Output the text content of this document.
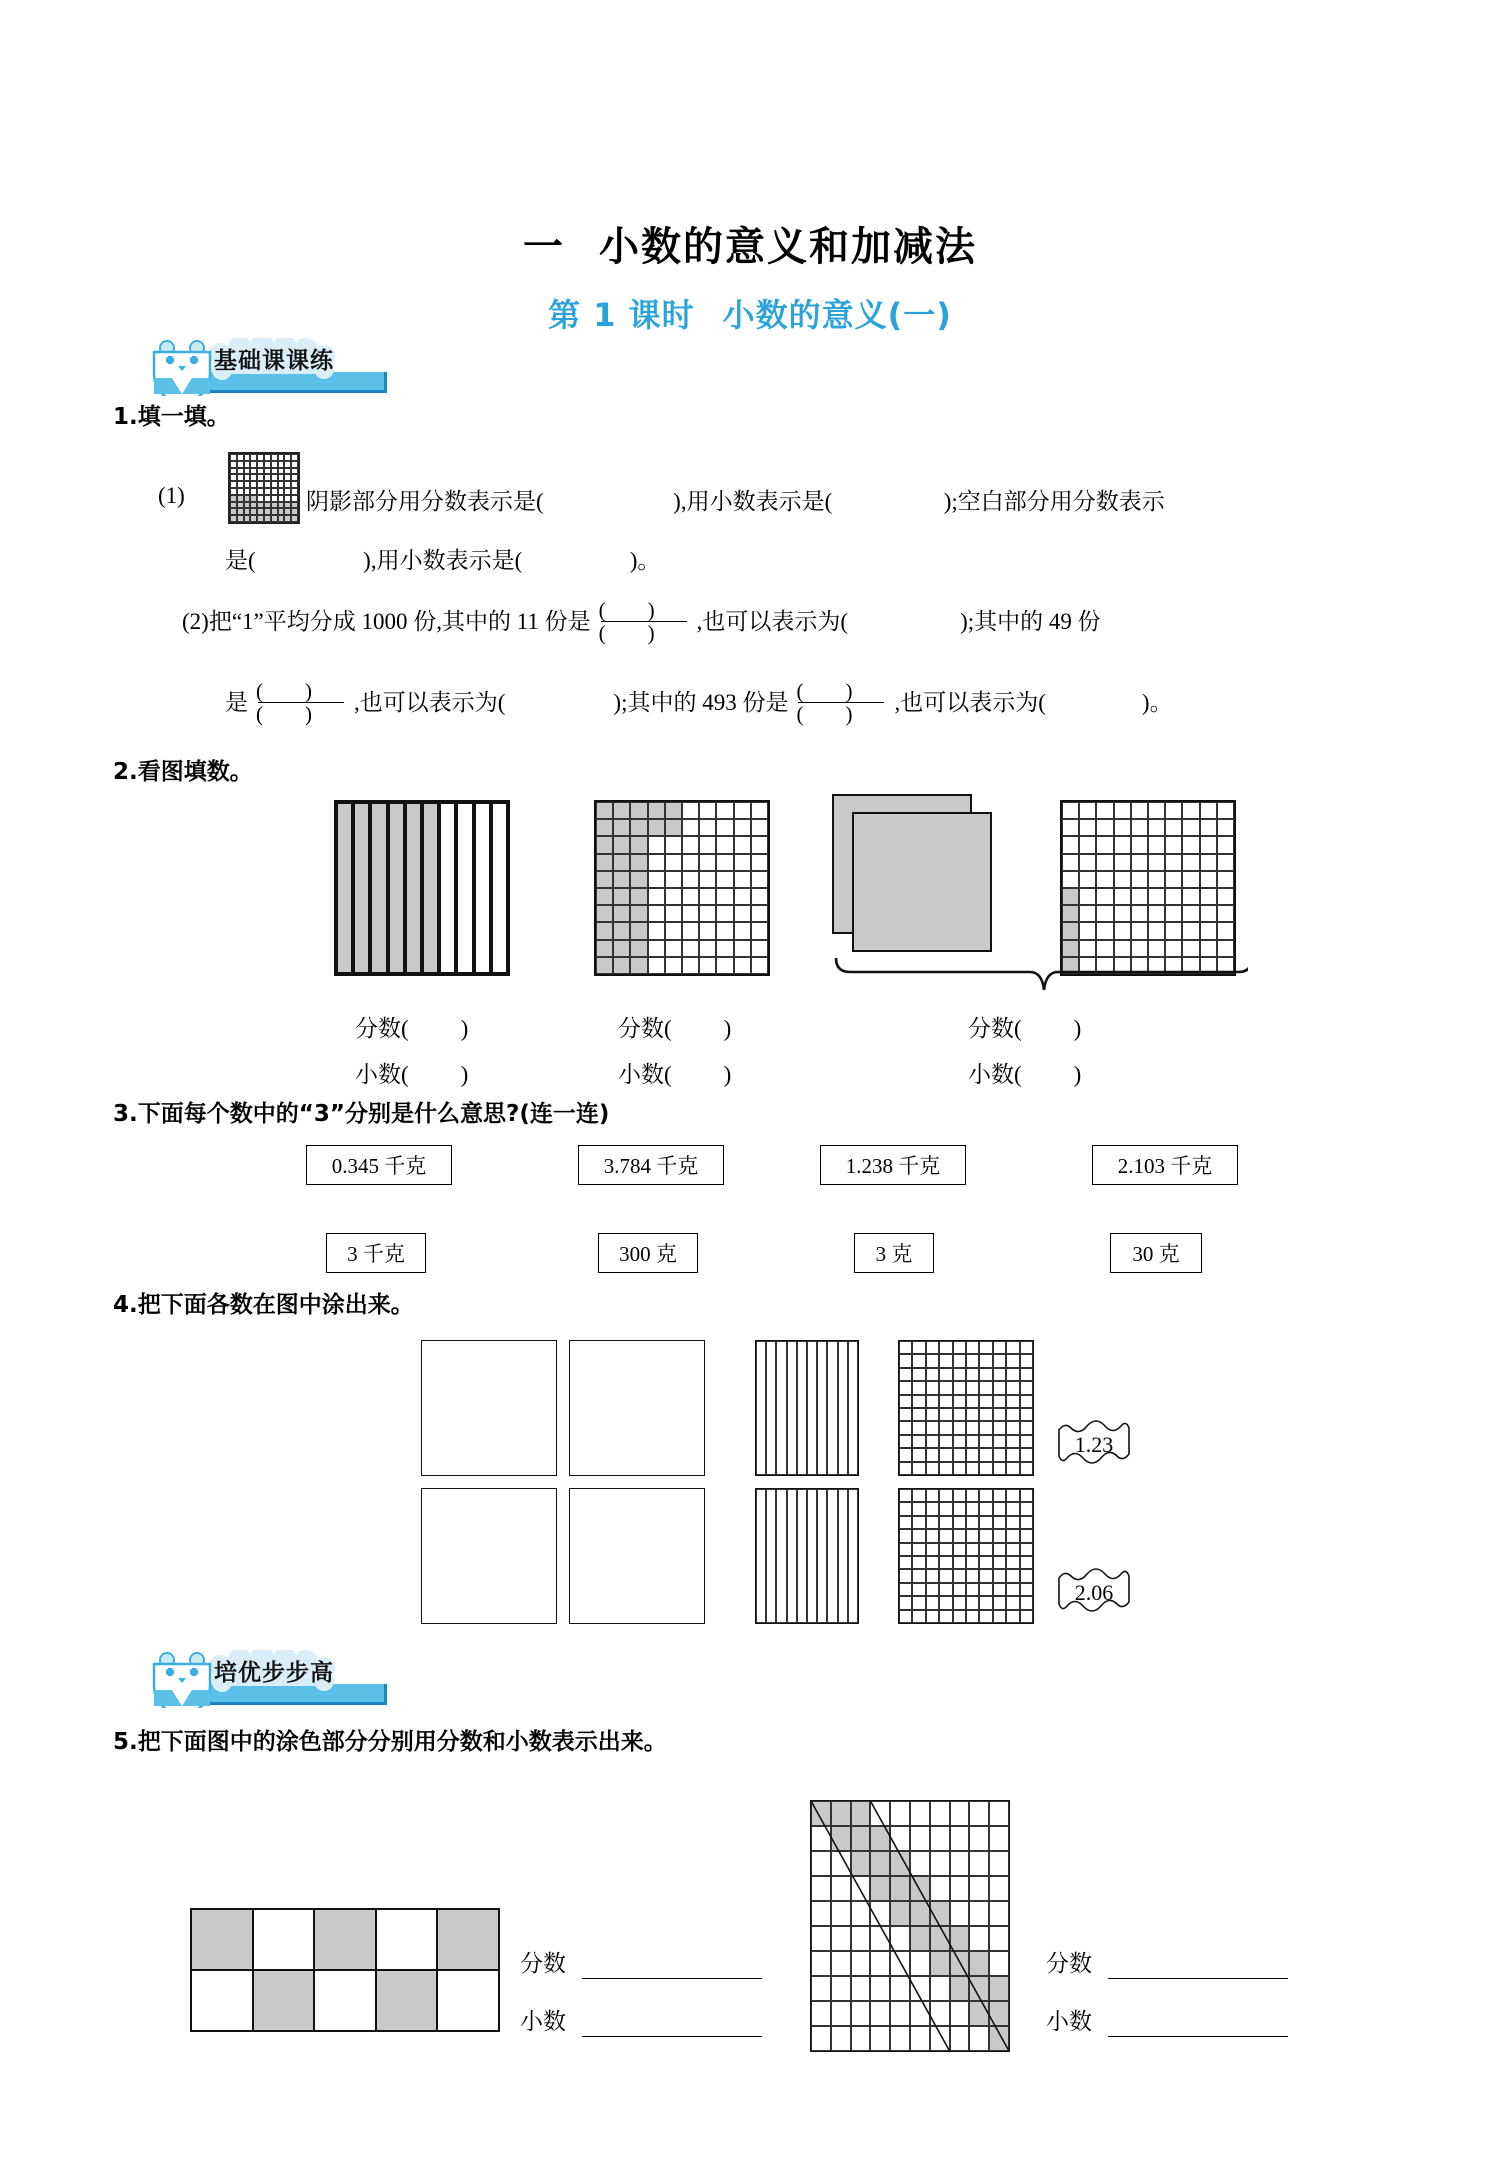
一 小数的意义和加减法
第 1 课时 小数的意义(一)
基础课课练
1.填一填。
(1)	阴影部分用分数表示是(	),用小数表示是(	);空白部分用分数表示
是(	),用小数表示是(	)。
(2)把“1”平均分成 1000 份,其中的 11 份是 $\frac{()}{()}$ ,也可以表示为(	);其中的 49 份
是 $\frac{()}{()}$ ,也可以表示为(	);其中的 493 份是 $\frac{()}{()}$ ,也可以表示为(	)。
2.看图填数。
分数( )
小数( )
分数( )
小数( )
分数( )
小数( )
3.下面每个数中的“3”分别是什么意思?(连一连)
0.345 千克	3.784 千克	1.238 千克	2.103 千克
3 千克	300 克	3 克	30 克
4.把下面各数在图中涂出来。
1.23
2.06
培优步步高
5.把下面图中的涂色部分分别用分数和小数表示出来。
分数
小数
分数
小数
